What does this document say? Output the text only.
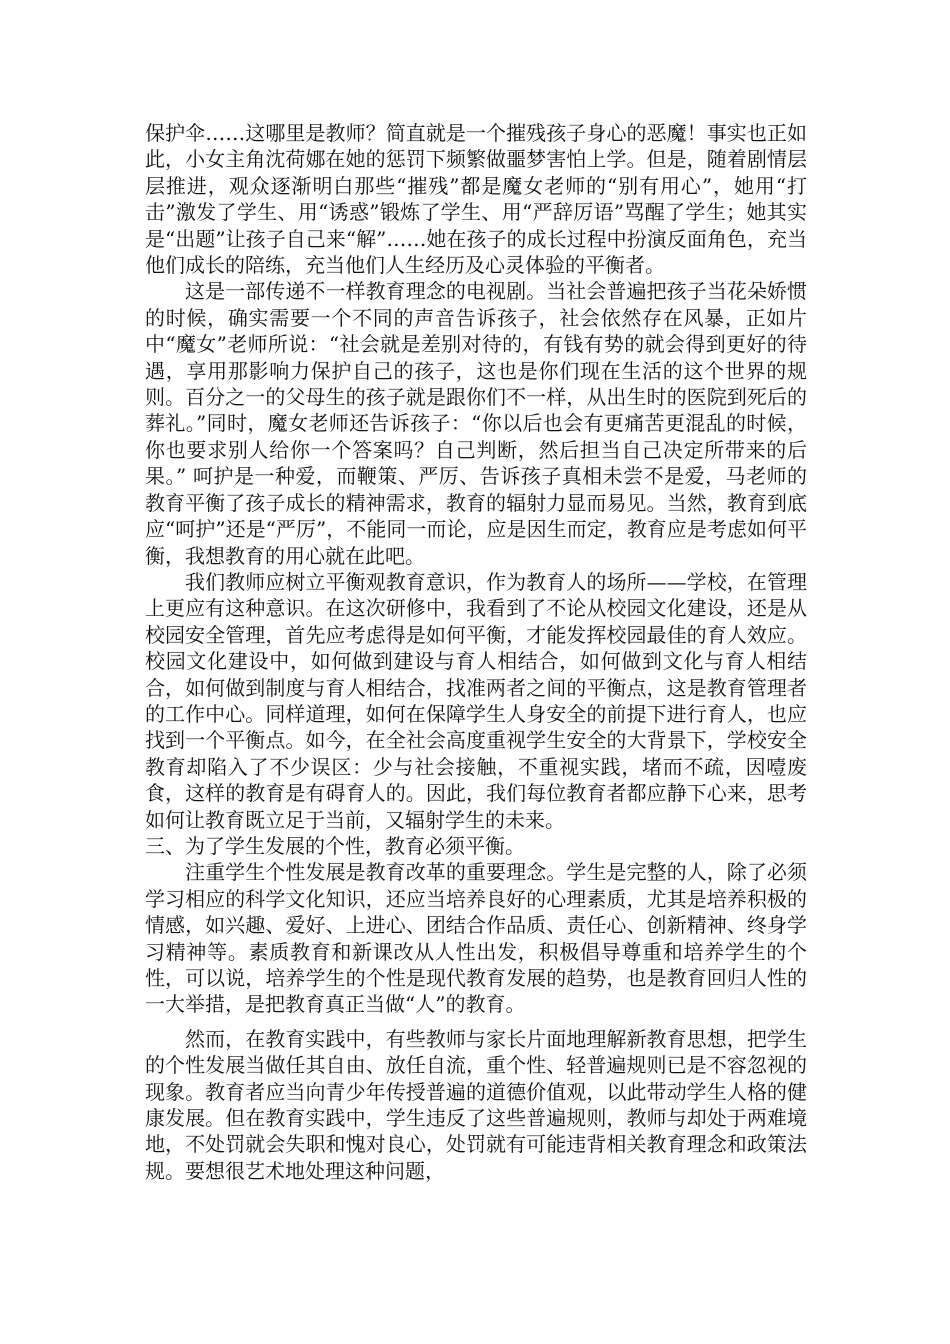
保护伞……这哪里是教师？简直就是一个摧残孩子身心的恶魔！事实也正如此，小女主角沈荷娜在她的惩罚下频繁做噩梦害怕上学。但是，随着剧情层层推进，观众逐渐明白那些“摧残”都是魔女老师的“别有用心”，她用“打击”激发了学生、用“诱惑”锻炼了学生、用“严辞厉语”骂醒了学生；她其实是“出题”让孩子自己来“解”……她在孩子的成长过程中扮演反面角色，充当他们成长的陪练，充当他们人生经历及心灵体验的平衡者。

这是一部传递不一样教育理念的电视剧。当社会普遍把孩子当花朵娇惯的时候，确实需要一个不同的声音告诉孩子，社会依然存在风暴，正如片中“魔女”老师所说：“社会就是差别对待的，有钱有势的就会得到更好的待遇，享用那影响力保护自己的孩子，这也是你们现在生活的这个世界的规则。百分之一的父母生的孩子就是跟你们不一样，从出生时的医院到死后的葬礼。”同时，魔女老师还告诉孩子：“你以后也会有更痛苦更混乱的时候，你也要求别人给你一个答案吗？自己判断，然后担当自己决定所带来的后果。” 呵护是一种爱，而鞭策、严厉、告诉孩子真相未尝不是爱，马老师的教育平衡了孩子成长的精神需求，教育的辐射力显而易见。当然，教育到底应“呵护”还是“严厉”，不能同一而论，应是因生而定，教育应是考虑如何平衡，我想教育的用心就在此吧。

我们教师应树立平衡观教育意识，作为教育人的场所——学校，在管理上更应有这种意识。在这次研修中，我看到了不论从校园文化建设，还是从校园安全管理，首先应考虑得是如何平衡，才能发挥校园最佳的育人效应。校园文化建设中，如何做到建设与育人相结合，如何做到文化与育人相结合，如何做到制度与育人相结合，找准两者之间的平衡点，这是教育管理者的工作中心。同样道理，如何在保障学生人身安全的前提下进行育人，也应找到一个平衡点。如今，在全社会高度重视学生安全的大背景下，学校安全教育却陷入了不少误区：少与社会接触，不重视实践，堵而不疏，因噎废食，这样的教育是有碍育人的。因此，我们每位教育者都应静下心来，思考如何让教育既立足于当前，又辐射学生的未来。

三、为了学生发展的个性，教育必须平衡。

注重学生个性发展是教育改革的重要理念。学生是完整的人，除了必须学习相应的科学文化知识，还应当培养良好的心理素质，尤其是培养积极的情感，如兴趣、爱好、上进心、团结合作品质、责任心、创新精神、终身学习精神等。素质教育和新课改从人性出发，积极倡导尊重和培养学生的个性，可以说，培养学生的个性是现代教育发展的趋势，也是教育回归人性的一大举措，是把教育真正当做“人”的教育。

然而，在教育实践中，有些教师与家长片面地理解新教育思想，把学生的个性发展当做任其自由、放任自流，重个性、轻普遍规则已是不容忽视的现象。教育者应当向青少年传授普遍的道德价值观，以此带动学生人格的健康发展。但在教育实践中，学生违反了这些普遍规则，教师与却处于两难境地，不处罚就会失职和愧对良心，处罚就有可能违背相关教育理念和政策法规。要想很艺术地处理这种问题，
